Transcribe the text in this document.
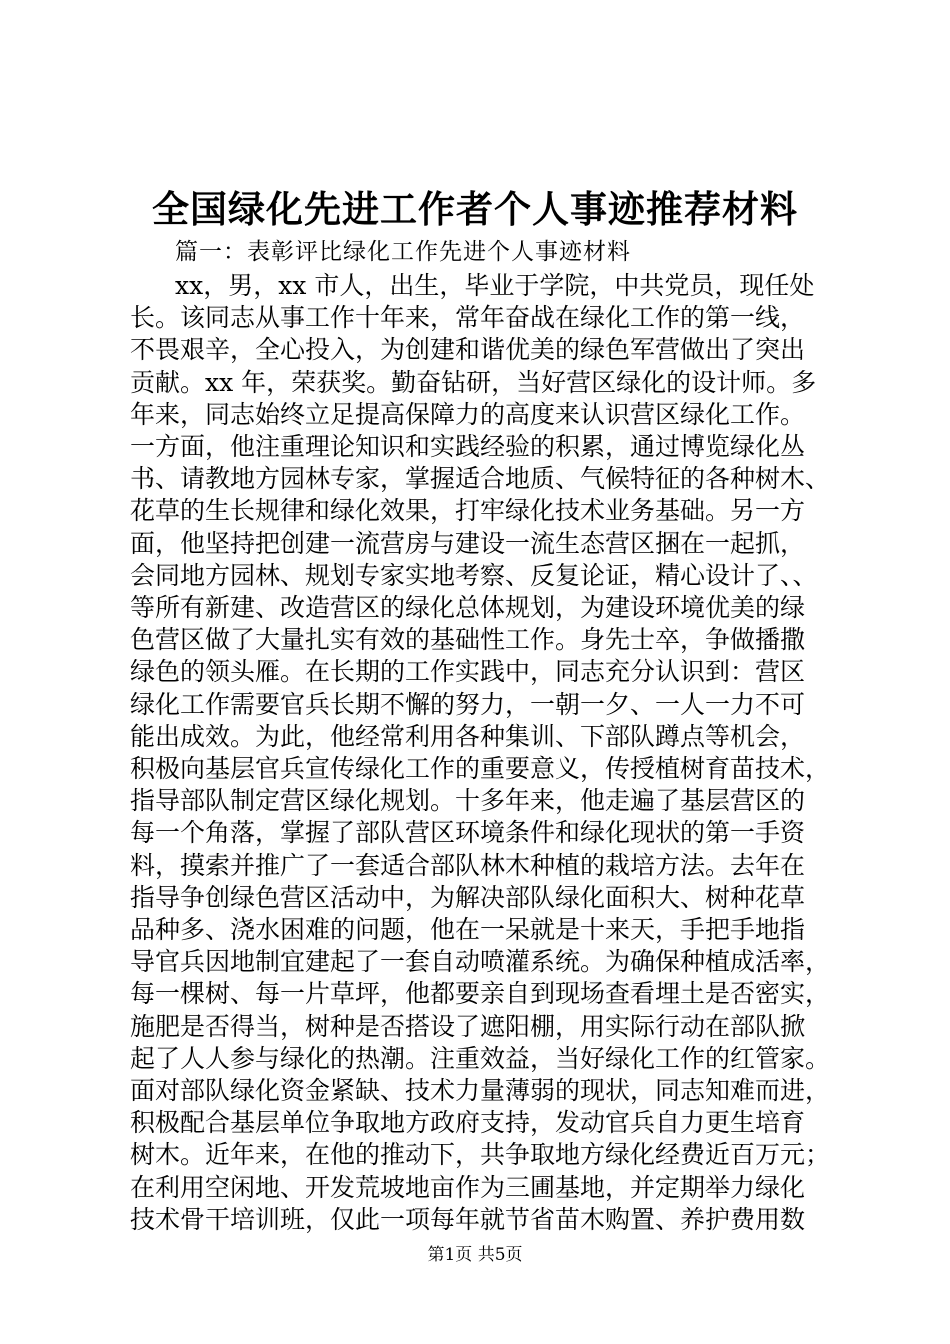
全国绿化先进工作者个人事迹推荐材料
篇一：表彰评比绿化工作先进个人事迹材料
xx，男，xx 市人，出生，毕业于学院，中共党员，现任处
长。该同志从事工作十年来，常年奋战在绿化工作的第一线，
不畏艰辛，全心投入，为创建和谐优美的绿色军营做出了突出
贡献。xx 年，荣获奖。勤奋钻研，当好营区绿化的设计师。多
年来，同志始终立足提高保障力的高度来认识营区绿化工作。
一方面，他注重理论知识和实践经验的积累，通过博览绿化丛
书、请教地方园林专家，掌握适合地质、气候特征的各种树木、
花草的生长规律和绿化效果，打牢绿化技术业务基础。另一方
面，他坚持把创建一流营房与建设一流生态营区捆在一起抓，
会同地方园林、规划专家实地考察、反复论证，精心设计了、、
等所有新建、改造营区的绿化总体规划，为建设环境优美的绿
色营区做了大量扎实有效的基础性工作。身先士卒，争做播撒
绿色的领头雁。在长期的工作实践中，同志充分认识到：营区
绿化工作需要官兵长期不懈的努力，一朝一夕、一人一力不可
能出成效。为此，他经常利用各种集训、下部队蹲点等机会，
积极向基层官兵宣传绿化工作的重要意义，传授植树育苗技术，
指导部队制定营区绿化规划。十多年来，他走遍了基层营区的
每一个角落，掌握了部队营区环境条件和绿化现状的第一手资
料，摸索并推广了一套适合部队林木种植的栽培方法。去年在
指导争创绿色营区活动中，为解决部队绿化面积大、树种花草
品种多、浇水困难的问题，他在一呆就是十来天，手把手地指
导官兵因地制宜建起了一套自动喷灌系统。为确保种植成活率，
每一棵树、每一片草坪，他都要亲自到现场查看埋土是否密实，
施肥是否得当，树种是否搭设了遮阳棚，用实际行动在部队掀
起了人人参与绿化的热潮。注重效益，当好绿化工作的红管家。
面对部队绿化资金紧缺、技术力量薄弱的现状，同志知难而进，
积极配合基层单位争取地方政府支持，发动官兵自力更生培育
树木。近年来，在他的推动下，共争取地方绿化经费近百万元；
在利用空闲地、开发荒坡地亩作为三圃基地，并定期举力绿化
技术骨干培训班，仅此一项每年就节省苗木购置、养护费用数
第1页 共5页
